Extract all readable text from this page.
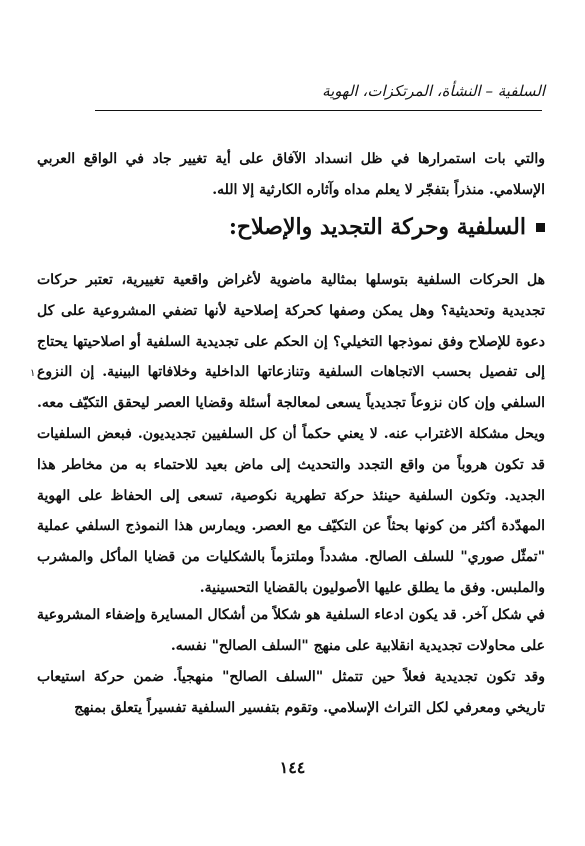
السلفية – النشأة، المرتكزات، الهوية

والتي بات استمرارها في ظل انسداد الآفاق على أية تغيير جاد في الواقع العربي الإسلامي. منذراً بتفجّر لا يعلم مداه وآثاره الكارثية إلا الله.

السلفية وحركة التجديد والإصلاح:

هل الحركات السلفية بتوسلها بمثالية ماضوية لأغراض واقعية تغييرية، تعتبر حركات تجديدية وتحديثية؟ وهل يمكن وصفها كحركة إصلاحية لأنها تضفي المشروعية على كل دعوة للإصلاح وفق نموذجها التخيلي؟ إن الحكم على تجديدية السلفية أو اصلاحيتها يحتاج إلى تفصيل بحسب الاتجاهات السلفية وتنازعاتها الداخلية وخلافاتها البينية. إن النزوع السلفي وإن كان نزوعاً تجديدياً يسعى لمعالجة أسئلة وقضايا العصر ليحقق التكيّف معه. ويحل مشكلة الاغتراب عنه. لا يعني حكماً أن كل السلفيين تجديديون. فبعض السلفيات قد تكون هروباً من واقع التجدد والتحديث إلى ماض بعيد للاحتماء به من مخاطر هذا الجديد. وتكون السلفية حينئذ حركة تطهرية نكوصية، تسعى إلى الحفاظ على الهوية المهدّدة أكثر من كونها بحثاً عن التكيّف مع العصر. ويمارس هذا النموذج السلفي عملية "تمثّل صوري" للسلف الصالح. مشدداً وملتزماً بالشكليات من قضايا المأكل والمشرب والملبس. وفق ما يطلق عليها الأصوليون بالقضايا التحسينية.

١

في شكل آخر. قد يكون ادعاء السلفية هو شكلاً من أشكال المسايرة وإضفاء المشروعية على محاولات تجديدية انقلابية على منهج "السلف الصالح" نفسه.

وقد تكون تجديدية فعلاً حين تتمثل "السلف الصالح" منهجياً. ضمن حركة استيعاب تاريخي ومعرفي لكل التراث الإسلامي. وتقوم بتفسير السلفية تفسيراً يتعلق بمنهج

١٤٤
